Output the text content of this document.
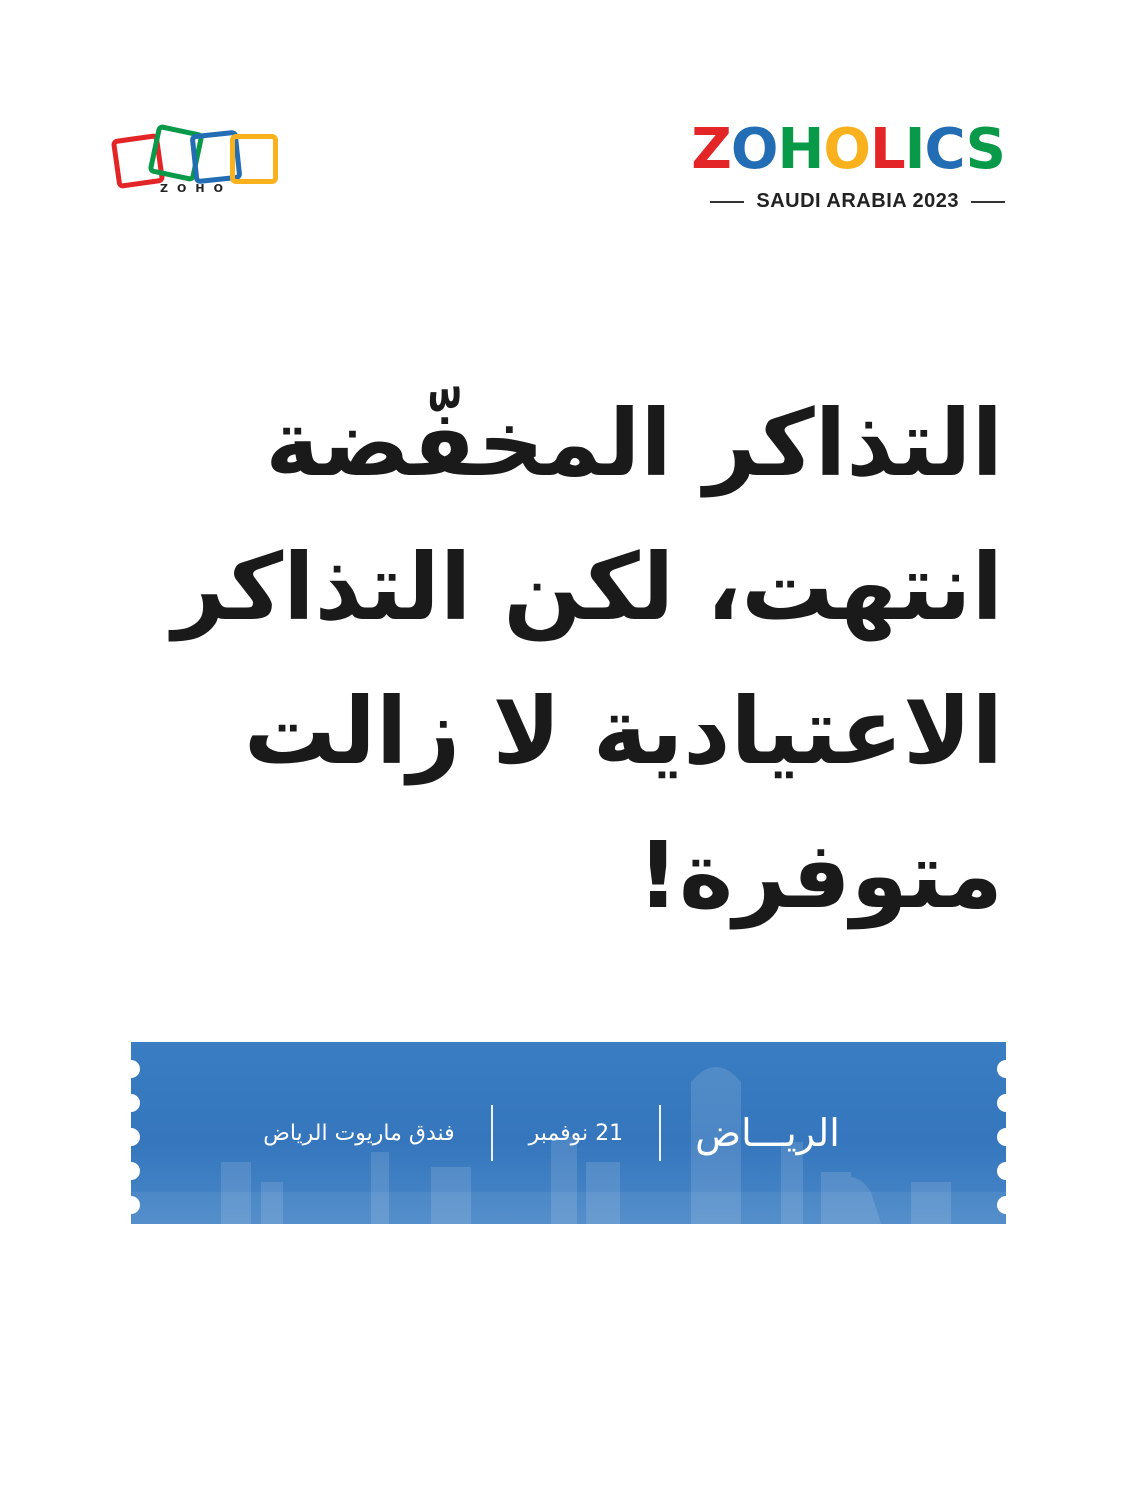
ZOHO
ZOHOLICS
SAUDI ARABIA 2023
التذاكر المخفّضة
انتهت، لكن التذاكر
الاعتيادية لا زالت
متوفرة!
الريـــاض
21 نوفمبر
فندق ماريوت الرياض
